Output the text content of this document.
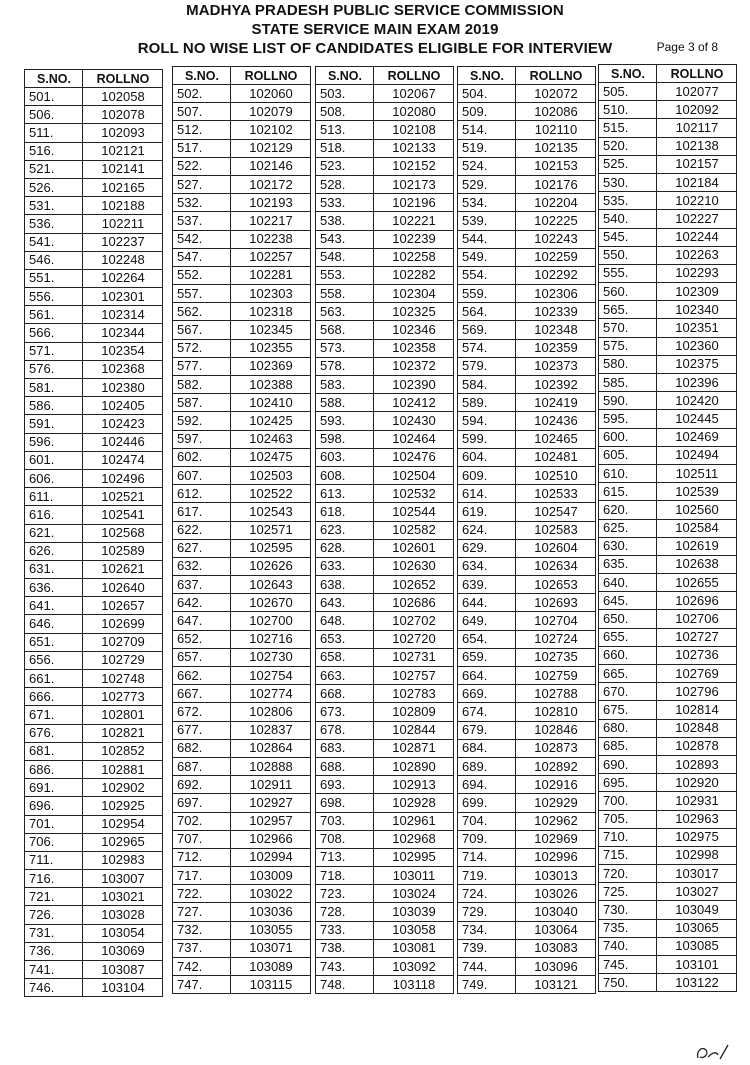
MADHYA PRADESH PUBLIC SERVICE COMMISSION
STATE SERVICE MAIN EXAM 2019
ROLL NO WISE LIST OF CANDIDATES ELIGIBLE FOR INTERVIEW	Page 3 of 8
S.NO.	ROLLNO
501.	102058
506.	102078
511.	102093
516.	102121
521.	102141
526.	102165
531.	102188
536.	102211
541.	102237
546.	102248
551.	102264
556.	102301
561.	102314
566.	102344
571.	102354
576.	102368
581.	102380
586.	102405
591.	102423
596.	102446
601.	102474
606.	102496
611.	102521
616.	102541
621.	102568
626.	102589
631.	102621
636.	102640
641.	102657
646.	102699
651.	102709
656.	102729
661.	102748
666.	102773
671.	102801
676.	102821
681.	102852
686.	102881
691.	102902
696.	102925
701.	102954
706.	102965
711.	102983
716.	103007
721.	103021
726.	103028
731.	103054
736.	103069
741.	103087
746.	103104
S.NO.	ROLLNO
502.	102060
507.	102079
512.	102102
517.	102129
522.	102146
527.	102172
532.	102193
537.	102217
542.	102238
547.	102257
552.	102281
557.	102303
562.	102318
567.	102345
572.	102355
577.	102369
582.	102388
587.	102410
592.	102425
597.	102463
602.	102475
607.	102503
612.	102522
617.	102543
622.	102571
627.	102595
632.	102626
637.	102643
642.	102670
647.	102700
652.	102716
657.	102730
662.	102754
667.	102774
672.	102806
677.	102837
682.	102864
687.	102888
692.	102911
697.	102927
702.	102957
707.	102966
712.	102994
717.	103009
722.	103022
727.	103036
732.	103055
737.	103071
742.	103089
747.	103115
S.NO.	ROLLNO
503.	102067
508.	102080
513.	102108
518.	102133
523.	102152
528.	102173
533.	102196
538.	102221
543.	102239
548.	102258
553.	102282
558.	102304
563.	102325
568.	102346
573.	102358
578.	102372
583.	102390
588.	102412
593.	102430
598.	102464
603.	102476
608.	102504
613.	102532
618.	102544
623.	102582
628.	102601
633.	102630
638.	102652
643.	102686
648.	102702
653.	102720
658.	102731
663.	102757
668.	102783
673.	102809
678.	102844
683.	102871
688.	102890
693.	102913
698.	102928
703.	102961
708.	102968
713.	102995
718.	103011
723.	103024
728.	103039
733.	103058
738.	103081
743.	103092
748.	103118
S.NO.	ROLLNO
504.	102072
509.	102086
514.	102110
519.	102135
524.	102153
529.	102176
534.	102204
539.	102225
544.	102243
549.	102259
554.	102292
559.	102306
564.	102339
569.	102348
574.	102359
579.	102373
584.	102392
589.	102419
594.	102436
599.	102465
604.	102481
609.	102510
614.	102533
619.	102547
624.	102583
629.	102604
634.	102634
639.	102653
644.	102693
649.	102704
654.	102724
659.	102735
664.	102759
669.	102788
674.	102810
679.	102846
684.	102873
689.	102892
694.	102916
699.	102929
704.	102962
709.	102969
714.	102996
719.	103013
724.	103026
729.	103040
734.	103064
739.	103083
744.	103096
749.	103121
S.NO.	ROLLNO
505.	102077
510.	102092
515.	102117
520.	102138
525.	102157
530.	102184
535.	102210
540.	102227
545.	102244
550.	102263
555.	102293
560.	102309
565.	102340
570.	102351
575.	102360
580.	102375
585.	102396
590.	102420
595.	102445
600.	102469
605.	102494
610.	102511
615.	102539
620.	102560
625.	102584
630.	102619
635.	102638
640.	102655
645.	102696
650.	102706
655.	102727
660.	102736
665.	102769
670.	102796
675.	102814
680.	102848
685.	102878
690.	102893
695.	102920
700.	102931
705.	102963
710.	102975
715.	102998
720.	103017
725.	103027
730.	103049
735.	103065
740.	103085
745.	103101
750.	103122
